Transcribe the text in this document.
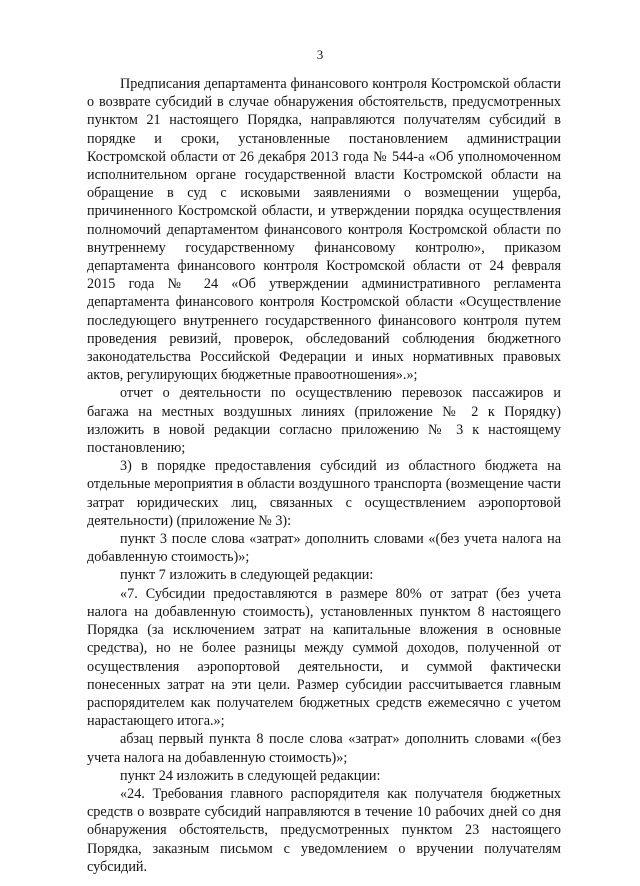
3

Предписания департамента финансового контроля Костромской области о возврате субсидий в случае обнаружения обстоятельств, предусмотренных пунктом 21 настоящего Порядка, направляются получателям субсидий в порядке и сроки, установленные постановлением администрации Костромской области от 26 декабря 2013 года № 544-а «Об уполномоченном исполнительном органе государственной власти Костромской области на обращение в суд с исковыми заявлениями о возмещении ущерба, причиненного Костромской области, и утверждении порядка осуществления полномочий департаментом финансового контроля Костромской области по внутреннему государственному финансовому контролю», приказом департамента финансового контроля Костромской области от 24 февраля 2015 года № 24 «Об утверждении административного регламента департамента финансового контроля Костромской области «Осуществление последующего внутреннего государственного финансового контроля путем проведения ревизий, проверок, обследований соблюдения бюджетного законодательства Российской Федерации и иных нормативных правовых актов, регулирующих бюджетные правоотношения».»;

отчет о деятельности по осуществлению перевозок пассажиров и багажа на местных воздушных линиях (приложение № 2 к Порядку) изложить в новой редакции согласно приложению № 3 к настоящему постановлению;

3) в порядке предоставления субсидий из областного бюджета на отдельные мероприятия в области воздушного транспорта (возмещение части затрат юридических лиц, связанных с осуществлением аэропортовой деятельности) (приложение № 3):

пункт 3 после слова «затрат» дополнить словами «(без учета налога на добавленную стоимость)»;

пункт 7 изложить в следующей редакции:

«7. Субсидии предоставляются в размере 80% от затрат (без учета налога на добавленную стоимость), установленных пунктом 8 настоящего Порядка (за исключением затрат на капитальные вложения в основные средства), но не более разницы между суммой доходов, полученной от осуществления аэропортовой деятельности, и суммой фактически понесенных затрат на эти цели. Размер субсидии рассчитывается главным распорядителем как получателем бюджетных средств ежемесячно с учетом нарастающего итога.»;

абзац первый пункта 8 после слова «затрат» дополнить словами «(без учета налога на добавленную стоимость)»;

пункт 24 изложить в следующей редакции:

«24. Требования главного распорядителя как получателя бюджетных средств о возврате субсидий направляются в течение 10 рабочих дней со дня обнаружения обстоятельств, предусмотренных пунктом 23 настоящего Порядка, заказным письмом с уведомлением о вручении получателям субсидий.
